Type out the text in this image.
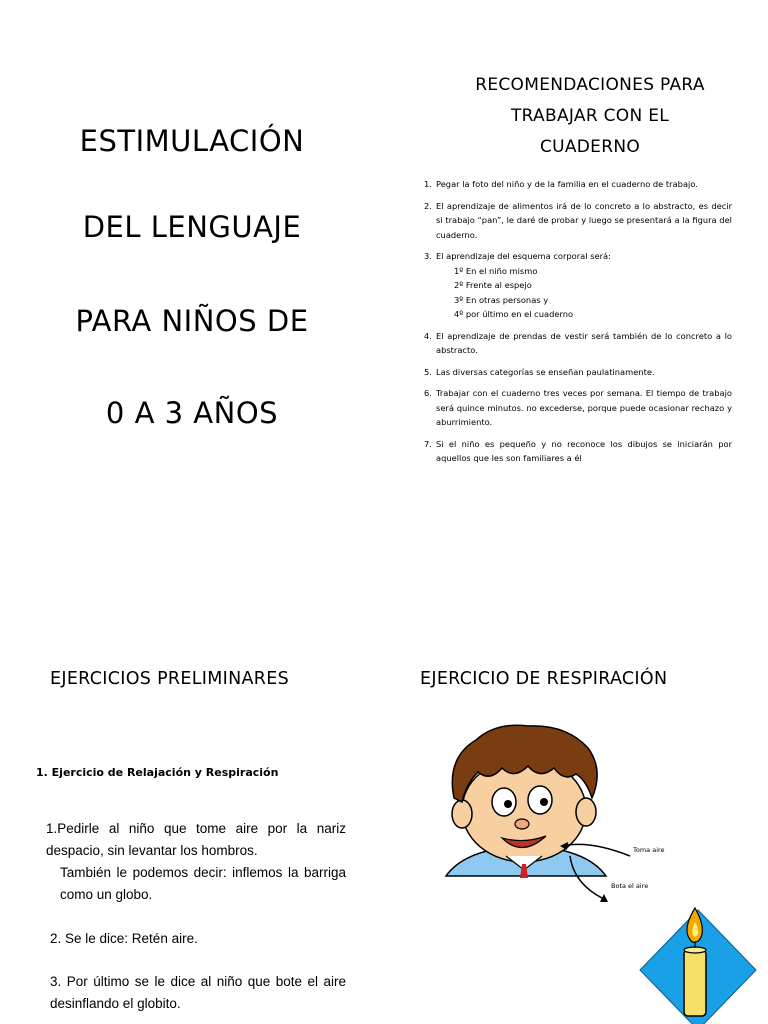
ESTIMULACIÓN
DEL LENGUAJE
PARA NIÑOS DE
0 A 3 AÑOS
RECOMENDACIONES PARA
TRABAJAR CON EL
CUADERNO
1. Pegar la foto del niño y de la familia en el cuaderno de trabajo.
2. El aprendizaje de alimentos irá de lo concreto a lo abstracto, es decir si trabajo “pan”, le daré de probar y luego se presentará a la figura del cuaderno.
3. El aprendizaje del esquema corporal será:
1º En el niño mismo
2º Frente al espejo
3º En otras personas y
4º por último en el cuaderno
4. El aprendizaje de prendas de vestir será también de lo concreto a lo abstracto.
5. Las diversas categorías se enseñan paulatinamente.
6. Trabajar con el cuaderno tres veces por semana. El tiempo de trabajo será quince minutos. no excederse, porque puede ocasionar rechazo y aburrimiento.
7. Si el niño es pequeño y no reconoce los dibujos se iniciarán por aquellos que les son familiares a él
EJERCICIOS PRELIMINARES
1. Ejercicio de Relajación y Respiración
1.Pedirle al niño que tome aire por la nariz despacio, sin levantar los hombros.
También le podemos decir: inflemos la barriga como un globo.
2. Se le dice: Retén aire.
3. Por último se le dice al niño que bote el aire desinflando el globito.
EJERCICIO DE RESPIRACIÓN
Toma aire
Bota el aire
